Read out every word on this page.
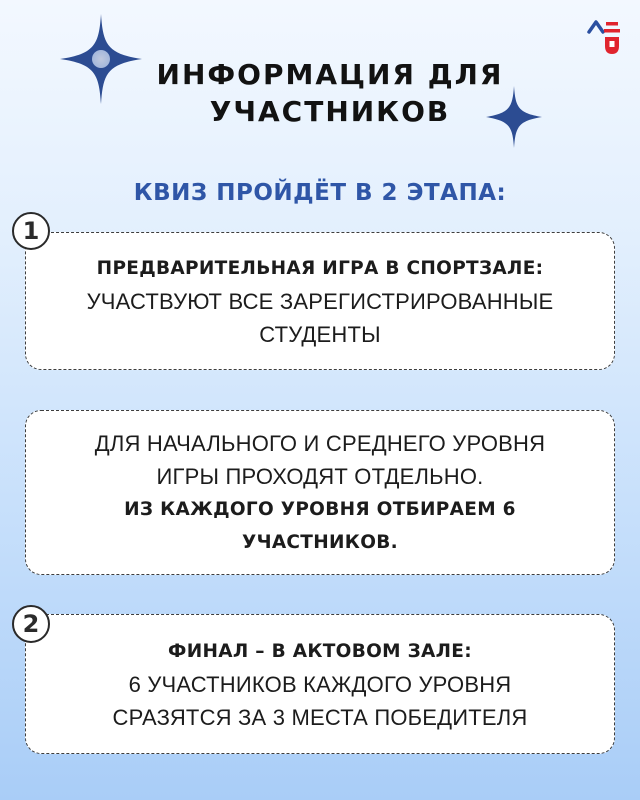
ИНФОРМАЦИЯ ДЛЯ
УЧАСТНИКОВ
КВИЗ ПРОЙДЁТ В 2 ЭТАПА:
ПРЕДВАРИТЕЛЬНАЯ ИГРА В СПОРТЗАЛЕ:
УЧАСТВУЮТ ВСЕ ЗАРЕГИСТРИРОВАННЫЕ
СТУДЕНТЫ
1
ДЛЯ НАЧАЛЬНОГО И СРЕДНЕГО УРОВНЯ
ИГРЫ ПРОХОДЯТ ОТДЕЛЬНО.
ИЗ КАЖДОГО УРОВНЯ ОТБИРАЕМ 6
УЧАСТНИКОВ.
ФИНАЛ – В АКТОВОМ ЗАЛЕ:
6 УЧАСТНИКОВ КАЖДОГО УРОВНЯ
СРАЗЯТСЯ ЗА 3 МЕСТА ПОБЕДИТЕЛЯ
2
